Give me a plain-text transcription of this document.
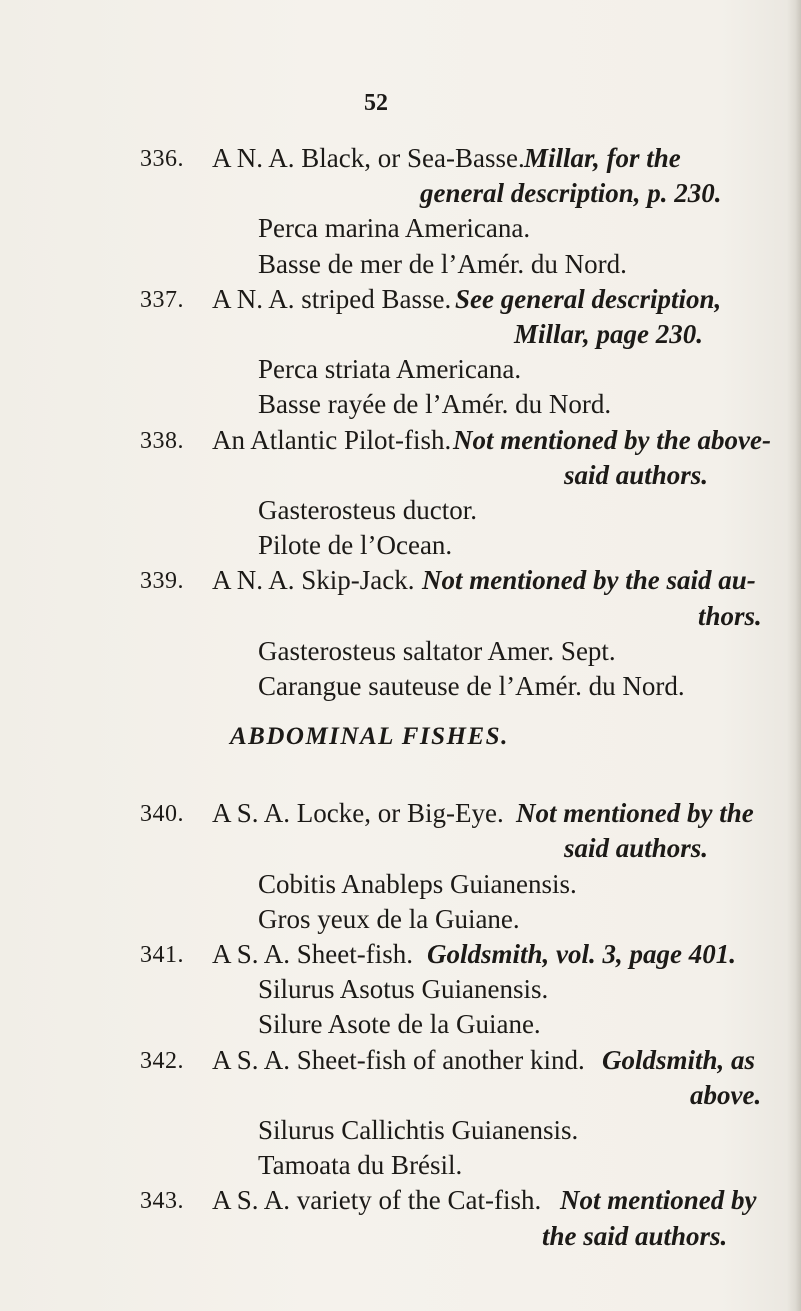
52
336. A N. A. Black, or Sea-Basse. Millar, for the
general description, p. 230.
Perca marina Americana.
Basse de mer de l’Amér. du Nord.
337. A N. A. striped Basse. See general description,
Millar, page 230.
Perca striata Americana.
Basse rayée de l’Amér. du Nord.
338. An Atlantic Pilot-fish. Not mentioned by the above-
said authors.
Gasterosteus ductor.
Pilote de l’Ocean.
339. A N. A. Skip-Jack. Not mentioned by the said au-
thors.
Gasterosteus saltator Amer. Sept.
Carangue sauteuse de l’Amér. du Nord.
ABDOMINAL FISHES.
340. A S. A. Locke, or Big-Eye. Not mentioned by the
said authors.
Cobitis Anableps Guianensis.
Gros yeux de la Guiane.
341. A S. A. Sheet-fish. Goldsmith, vol. 3, page 401.
Silurus Asotus Guianensis.
Silure Asote de la Guiane.
342. A S. A. Sheet-fish of another kind. Goldsmith, as
above.
Silurus Callichtis Guianensis.
Tamoata du Brésil.
343. A S. A. variety of the Cat-fish. Not mentioned by
the said authors.
